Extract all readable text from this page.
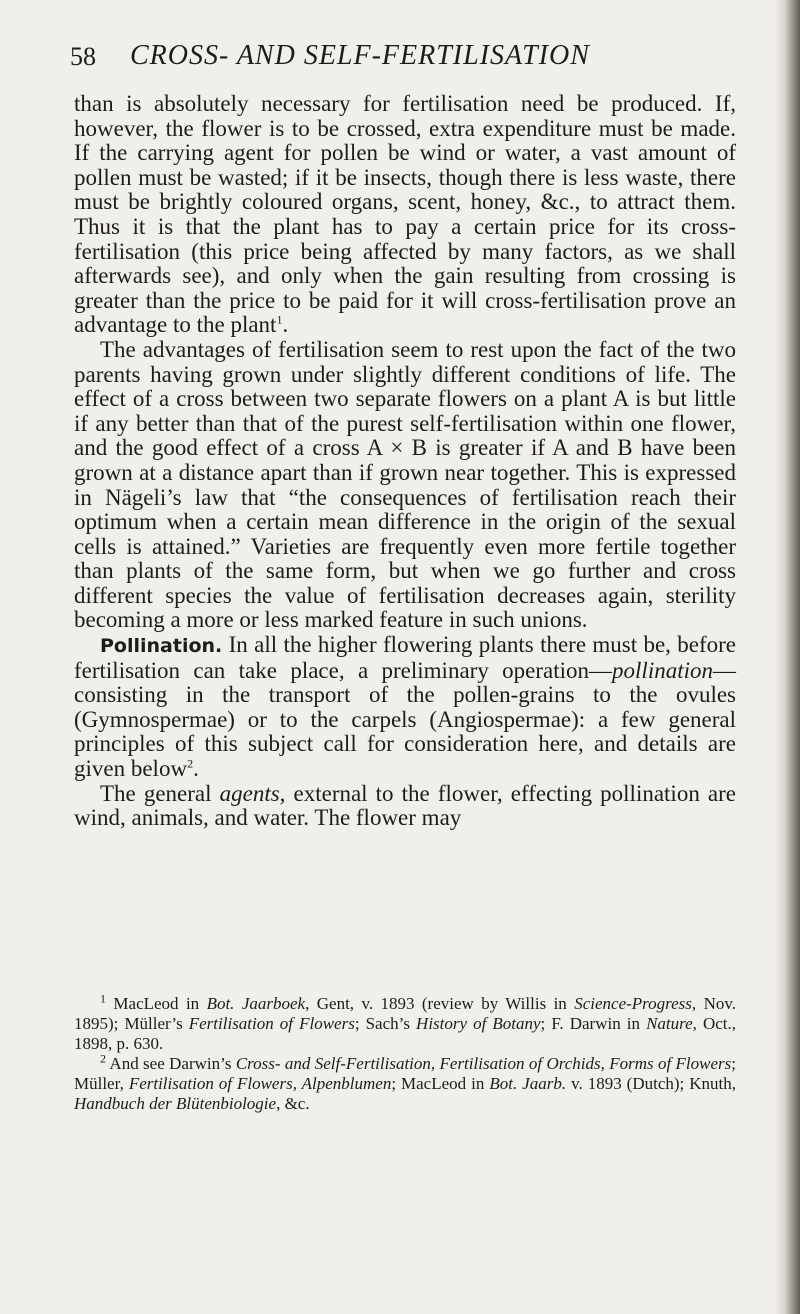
58 CROSS- AND SELF-FERTILISATION

than is absolutely necessary for fertilisation need be produced. If, however, the flower is to be crossed, extra expenditure must be made. If the carrying agent for pollen be wind or water, a vast amount of pollen must be wasted; if it be insects, though there is less waste, there must be brightly coloured organs, scent, honey, &c., to attract them. Thus it is that the plant has to pay a certain price for its cross-fertilisation (this price being affected by many factors, as we shall afterwards see), and only when the gain resulting from crossing is greater than the price to be paid for it will cross-fertilisation prove an advantage to the plant$^1$.

The advantages of fertilisation seem to rest upon the fact of the two parents having grown under slightly different conditions of life. The effect of a cross between two separate flowers on a plant A is but little if any better than that of the purest self-fertilisation within one flower, and the good effect of a cross A × B is greater if A and B have been grown at a distance apart than if grown near together. This is expressed in Nägeli’s law that “the consequences of fertilisation reach their optimum when a certain mean difference in the origin of the sexual cells is attained.” Varieties are frequently even more fertile together than plants of the same form, but when we go further and cross different species the value of fertilisation decreases again, sterility becoming a more or less marked feature in such unions.

Pollination. In all the higher flowering plants there must be, before fertilisation can take place, a preliminary operation—pollination—consisting in the transport of the pollen-grains to the ovules (Gymnospermae) or to the carpels (Angiospermae): a few general principles of this subject call for consideration here, and details are given below$^2$.

The general agents, external to the flower, effecting pollination are wind, animals, and water. The flower may

$^1$ MacLeod in Bot. Jaarboek, Gent, v. 1893 (review by Willis in Science-Progress, Nov. 1895); Müller’s Fertilisation of Flowers; Sach’s History of Botany; F. Darwin in Nature, Oct., 1898, p. 630.

$^2$ And see Darwin’s Cross- and Self-Fertilisation, Fertilisation of Orchids, Forms of Flowers; Müller, Fertilisation of Flowers, Alpenblumen; MacLeod in Bot. Jaarb. v. 1893 (Dutch); Knuth, Handbuch der Blütenbiologie, &c.
